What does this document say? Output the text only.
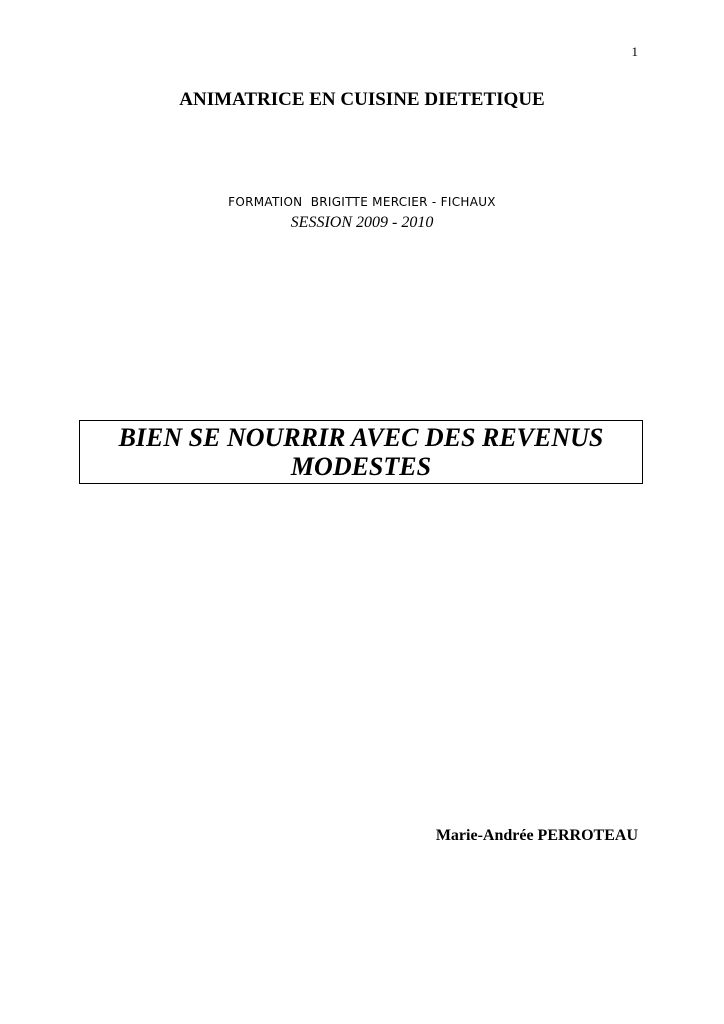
1
ANIMATRICE EN CUISINE DIETETIQUE
FORMATION  BRIGITTE MERCIER - FICHAUX
SESSION 2009 - 2010

BIEN SE NOURRIR AVEC DES REVENUS MODESTES

Marie-Andrée PERROTEAU
